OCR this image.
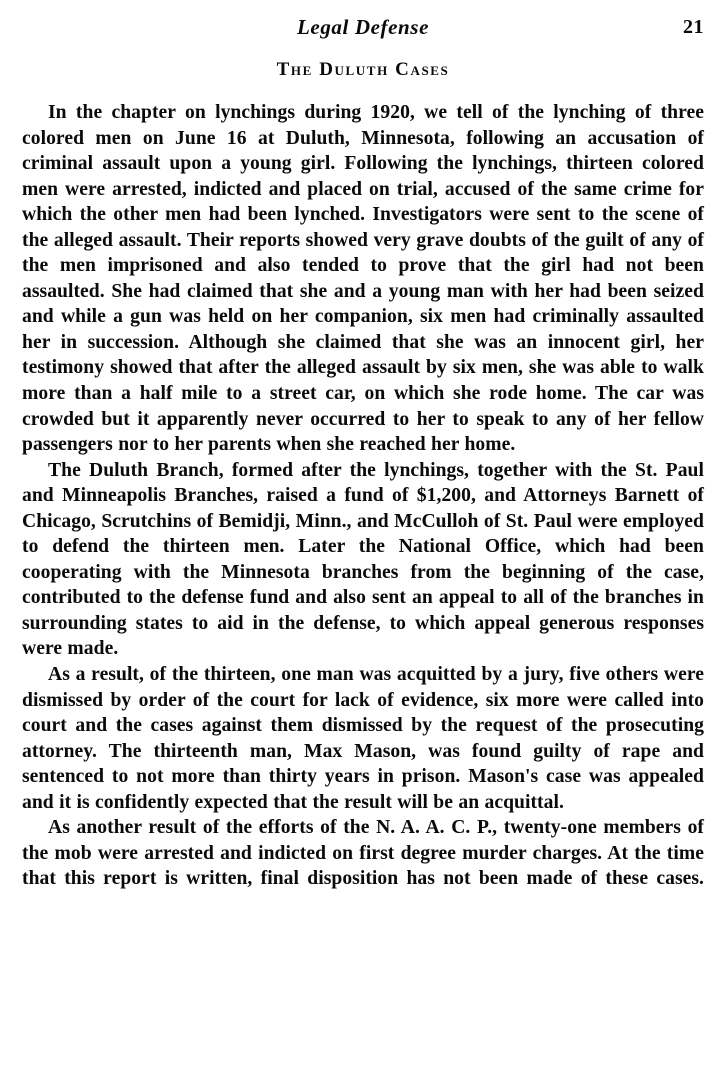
Legal Defense	21
The Duluth Cases

In the chapter on lynchings during 1920, we tell of the lynching of three colored men on June 16 at Duluth, Minnesota, following an accusation of criminal assault upon a young girl. Following the lynchings, thirteen colored men were arrested, indicted and placed on trial, accused of the same crime for which the other men had been lynched. Investigators were sent to the scene of the alleged assault. Their reports showed very grave doubts of the guilt of any of the men imprisoned and also tended to prove that the girl had not been assaulted. She had claimed that she and a young man with her had been seized and while a gun was held on her companion, six men had criminally assaulted her in succession. Although she claimed that she was an innocent girl, her testimony showed that after the alleged assault by six men, she was able to walk more than a half mile to a street car, on which she rode home. The car was crowded but it apparently never occurred to her to speak to any of her fellow passengers nor to her parents when she reached her home.

The Duluth Branch, formed after the lynchings, together with the St. Paul and Minneapolis Branches, raised a fund of $1,200, and Attorneys Barnett of Chicago, Scrutchins of Bemidji, Minn., and McCulloh of St. Paul were employed to defend the thirteen men. Later the National Office, which had been cooperating with the Minnesota branches from the beginning of the case, contributed to the defense fund and also sent an appeal to all of the branches in surrounding states to aid in the defense, to which appeal generous responses were made.

As a result, of the thirteen, one man was acquitted by a jury, five others were dismissed by order of the court for lack of evidence, six more were called into court and the cases against them dismissed by the request of the prosecuting attorney. The thirteenth man, Max Mason, was found guilty of rape and sentenced to not more than thirty years in prison. Mason's case was appealed and it is confidently expected that the result will be an acquittal.

As another result of the efforts of the N. A. A. C. P., twenty-one members of the mob were arrested and indicted on first degree murder charges. At the time that this report is written, final disposition has not been made of these cases.
